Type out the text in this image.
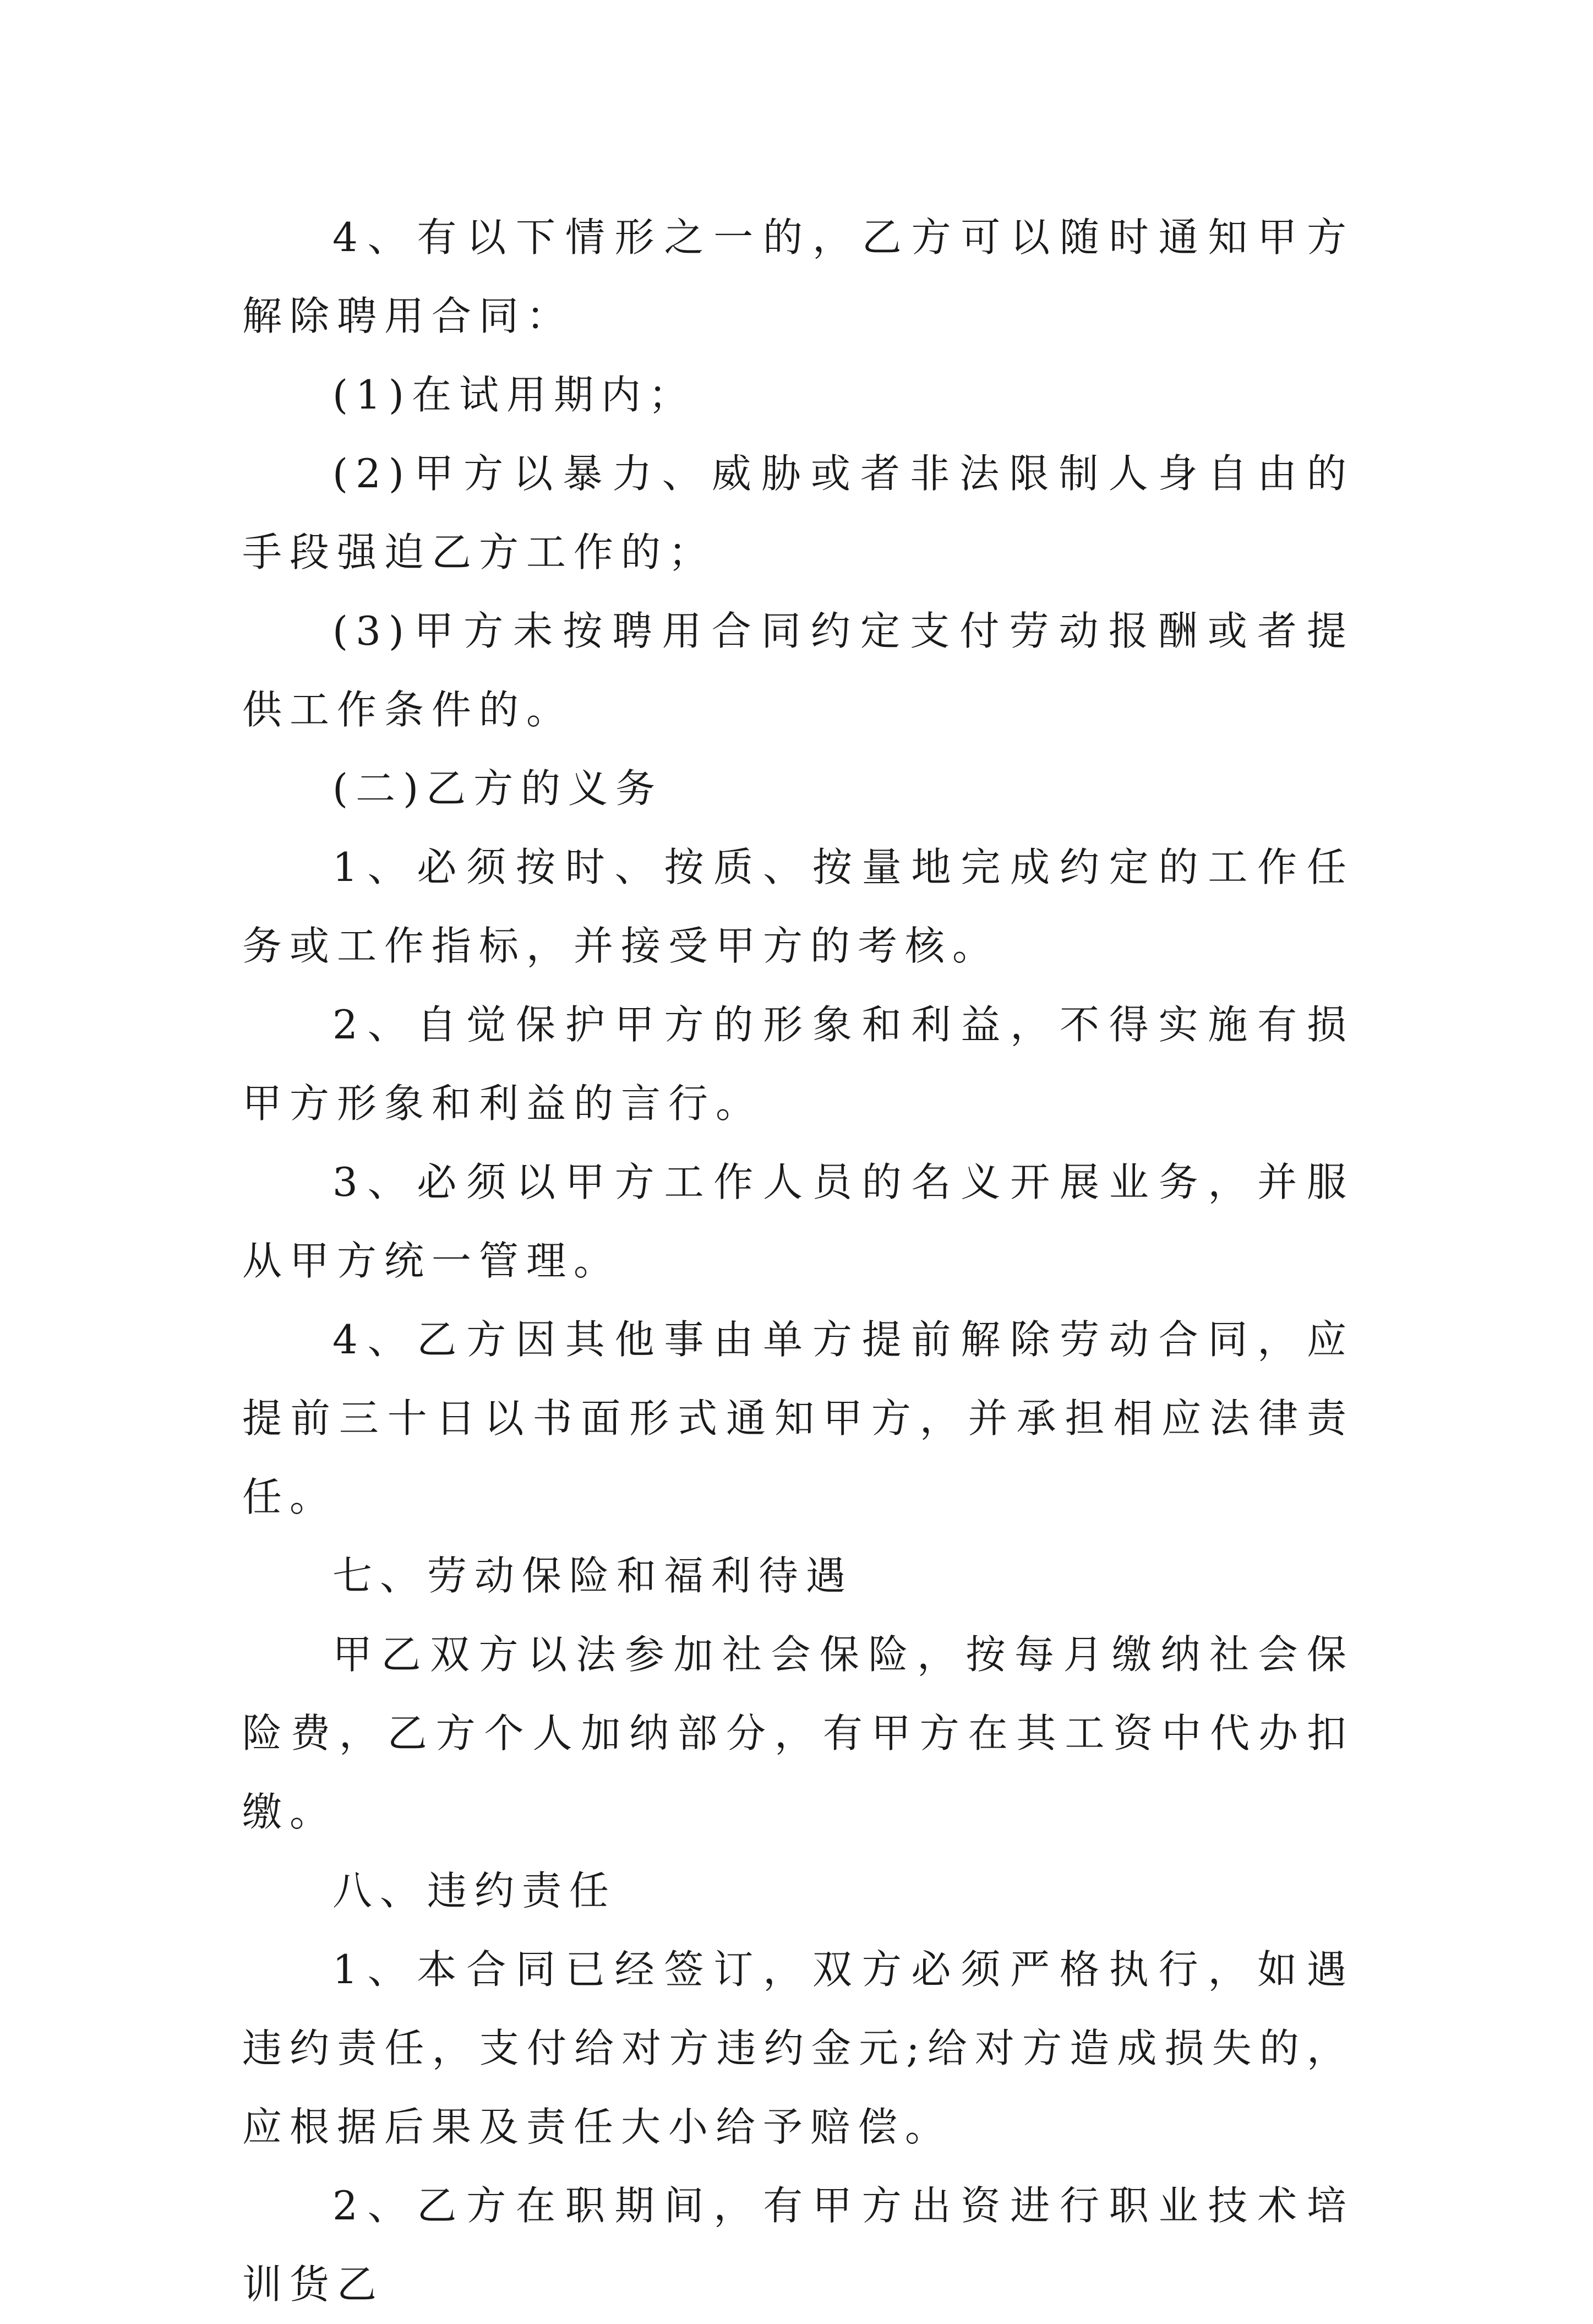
4、有以下情形之一的，乙方可以随时通知甲方解除聘用合同：

(1)在试用期内；

(2)甲方以暴力、威胁或者非法限制人身自由的手段强迫乙方工作的；

(3)甲方未按聘用合同约定支付劳动报酬或者提供工作条件的。

(二)乙方的义务

1、必须按时、按质、按量地完成约定的工作任务或工作指标，并接受甲方的考核。

2、自觉保护甲方的形象和利益，不得实施有损甲方形象和利益的言行。

3、必须以甲方工作人员的名义开展业务，并服从甲方统一管理。

4、乙方因其他事由单方提前解除劳动合同，应提前三十日以书面形式通知甲方，并承担相应法律责任。

七、劳动保险和福利待遇

甲乙双方以法参加社会保险，按每月缴纳社会保险费，乙方个人加纳部分，有甲方在其工资中代办扣缴。

八、违约责任

1、本合同已经签订，双方必须严格执行，如遇违约责任，支付给对方违约金元;给对方造成损失的，应根据后果及责任大小给予赔偿。

2、乙方在职期间，有甲方出资进行职业技术培训货乙
